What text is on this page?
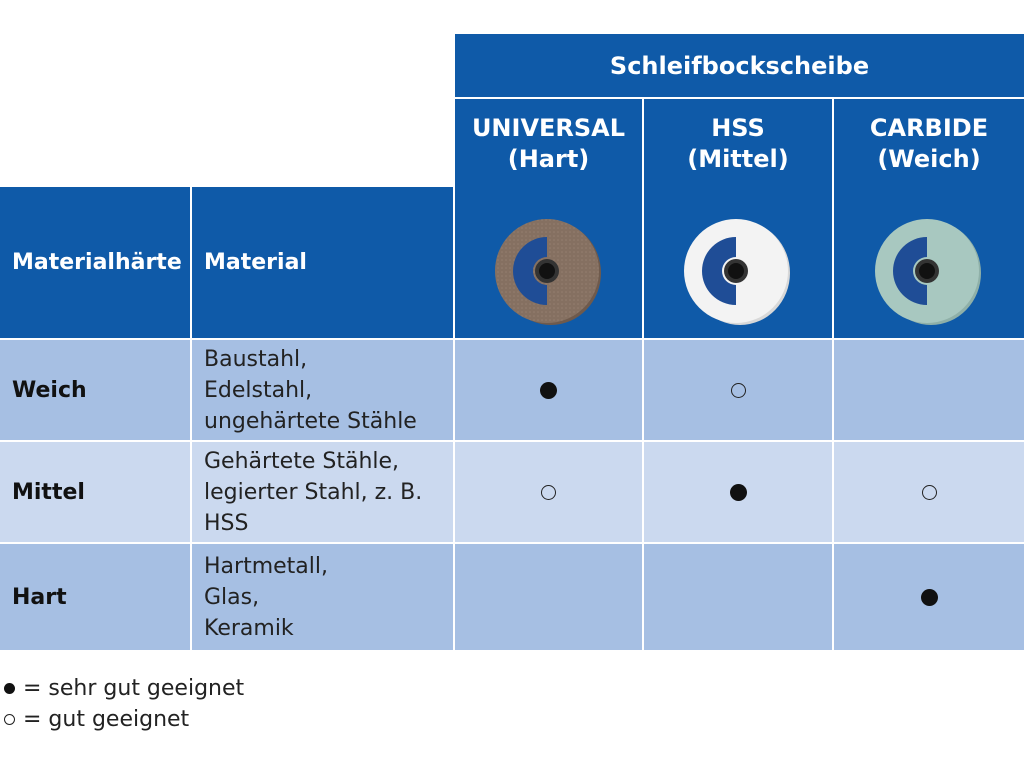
Schleifbockscheibe
Materialhärte Material
UNIVERSAL
(Hart)
HSS
(Mittel)
CARBIDE
(Weich)
Weich
Baustahl,
Edelstahl,
ungehärtete Stähle
Mittel
Gehärtete Stähle,
legierter Stahl, z. B.
HSS
Hart
Hartmetall,
Glas,
Keramik
= sehr gut geeignet
= gut geeignet
